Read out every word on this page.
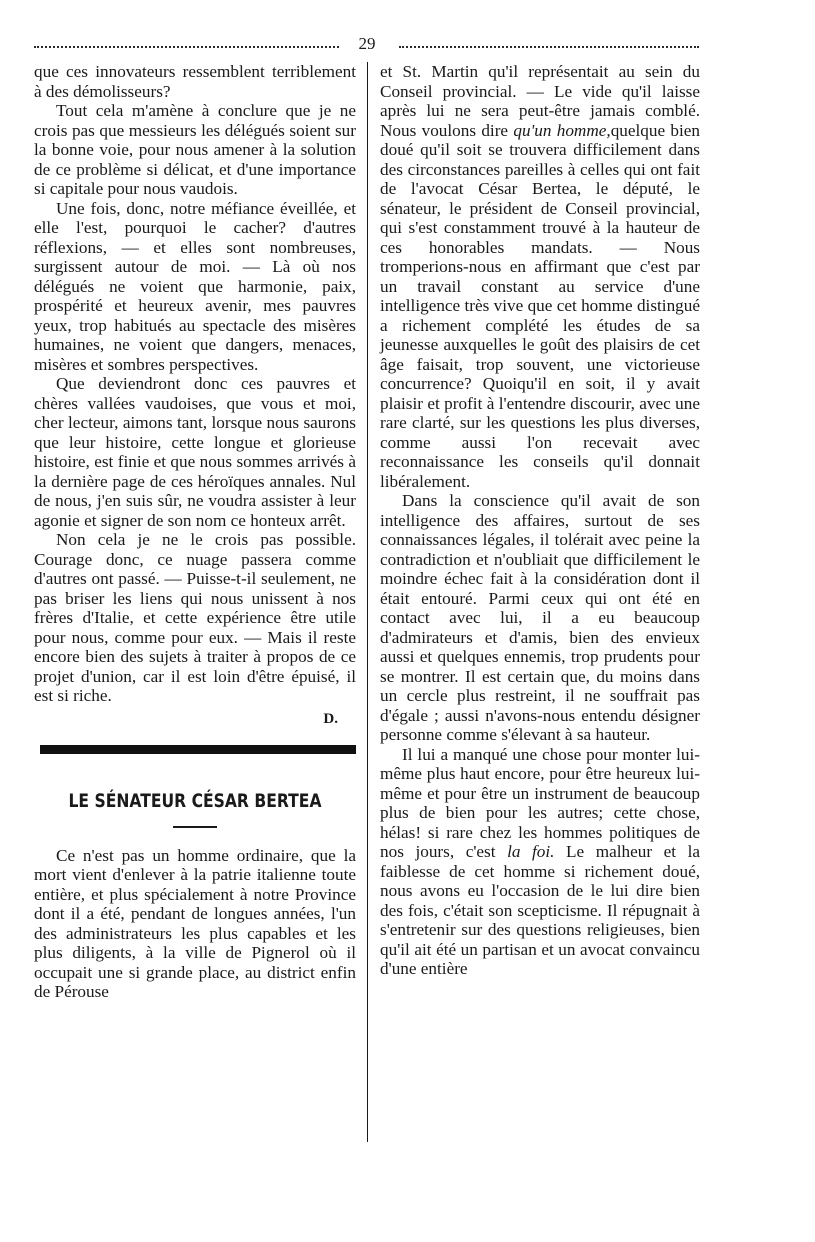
29

que ces innovateurs ressemblent terriblement à des démolisseurs?

Tout cela m'amène à conclure que je ne crois pas que messieurs les délégués soient sur la bonne voie, pour nous amener à la solution de ce problème si délicat, et d'une importance si capitale pour nous vaudois.

Une fois, donc, notre méfiance éveillée, et elle l'est, pourquoi le cacher? d'autres réflexions, — et elles sont nombreuses, surgissent autour de moi. — Là où nos délégués ne voient que harmonie, paix, prospérité et heureux avenir, mes pauvres yeux, trop habitués au spectacle des misères humaines, ne voient que dangers, menaces, misères et sombres perspectives.

Que deviendront donc ces pauvres et chères vallées vaudoises, que vous et moi, cher lecteur, aimons tant, lorsque nous saurons que leur histoire, cette longue et glorieuse histoire, est finie et que nous sommes arrivés à la dernière page de ces héroïques annales. Nul de nous, j'en suis sûr, ne voudra assister à leur agonie et signer de son nom ce honteux arrêt.

Non cela je ne le crois pas possible. Courage donc, ce nuage passera comme d'autres ont passé. — Puisse-t-il seulement, ne pas briser les liens qui nous unissent à nos frères d'Italie, et cette expérience être utile pour nous, comme pour eux. — Mais il reste encore bien des sujets à traiter à propos de ce projet d'union, car il est loin d'être épuisé, il est si riche.

D.
LE SÉNATEUR CÉSAR BERTEA

Ce n'est pas un homme ordinaire, que la mort vient d'enlever à la patrie italienne toute entière, et plus spécialement à notre Province dont il a été, pendant de longues années, l'un des administrateurs les plus capables et les plus diligents, à la ville de Pignerol où il occupait une si grande place, au district enfin de Pérouse

et St. Martin qu'il représentait au sein du Conseil provincial. — Le vide qu'il laisse après lui ne sera peut-être jamais comblé. Nous voulons dire qu'un homme,quelque bien doué qu'il soit se trouvera difficilement dans des circonstances pareilles à celles qui ont fait de l'avocat César Bertea, le député, le sénateur, le président de Conseil provincial, qui s'est constamment trouvé à la hauteur de ces honorables mandats. — Nous tromperions-nous en affirmant que c'est par un travail constant au service d'une intelligence très vive que cet homme distingué a richement complété les études de sa jeunesse auxquelles le goût des plaisirs de cet âge faisait, trop souvent, une victorieuse concurrence? Quoiqu'il en soit, il y avait plaisir et profit à l'entendre discourir, avec une rare clarté, sur les questions les plus diverses, comme aussi l'on recevait avec reconnaissance les conseils qu'il donnait libéralement.

Dans la conscience qu'il avait de son intelligence des affaires, surtout de ses connaissances légales, il tolérait avec peine la contradiction et n'oubliait que difficilement le moindre échec fait à la considération dont il était entouré. Parmi ceux qui ont été en contact avec lui, il a eu beaucoup d'admirateurs et d'amis, bien des envieux aussi et quelques ennemis, trop prudents pour se montrer. Il est certain que, du moins dans un cercle plus restreint, il ne souffrait pas d'égale ; aussi n'avons-nous entendu désigner personne comme s'élevant à sa hauteur.

Il lui a manqué une chose pour monter lui-même plus haut encore, pour être heureux lui-même et pour être un instrument de beaucoup plus de bien pour les autres; cette chose, hélas! si rare chez les hommes politiques de nos jours, c'est la foi. Le malheur et la faiblesse de cet homme si richement doué, nous avons eu l'occasion de le lui dire bien des fois, c'était son scepticisme. Il répugnait à s'entretenir sur des questions religieuses, bien qu'il ait été un partisan et un avocat convaincu d'une entière
